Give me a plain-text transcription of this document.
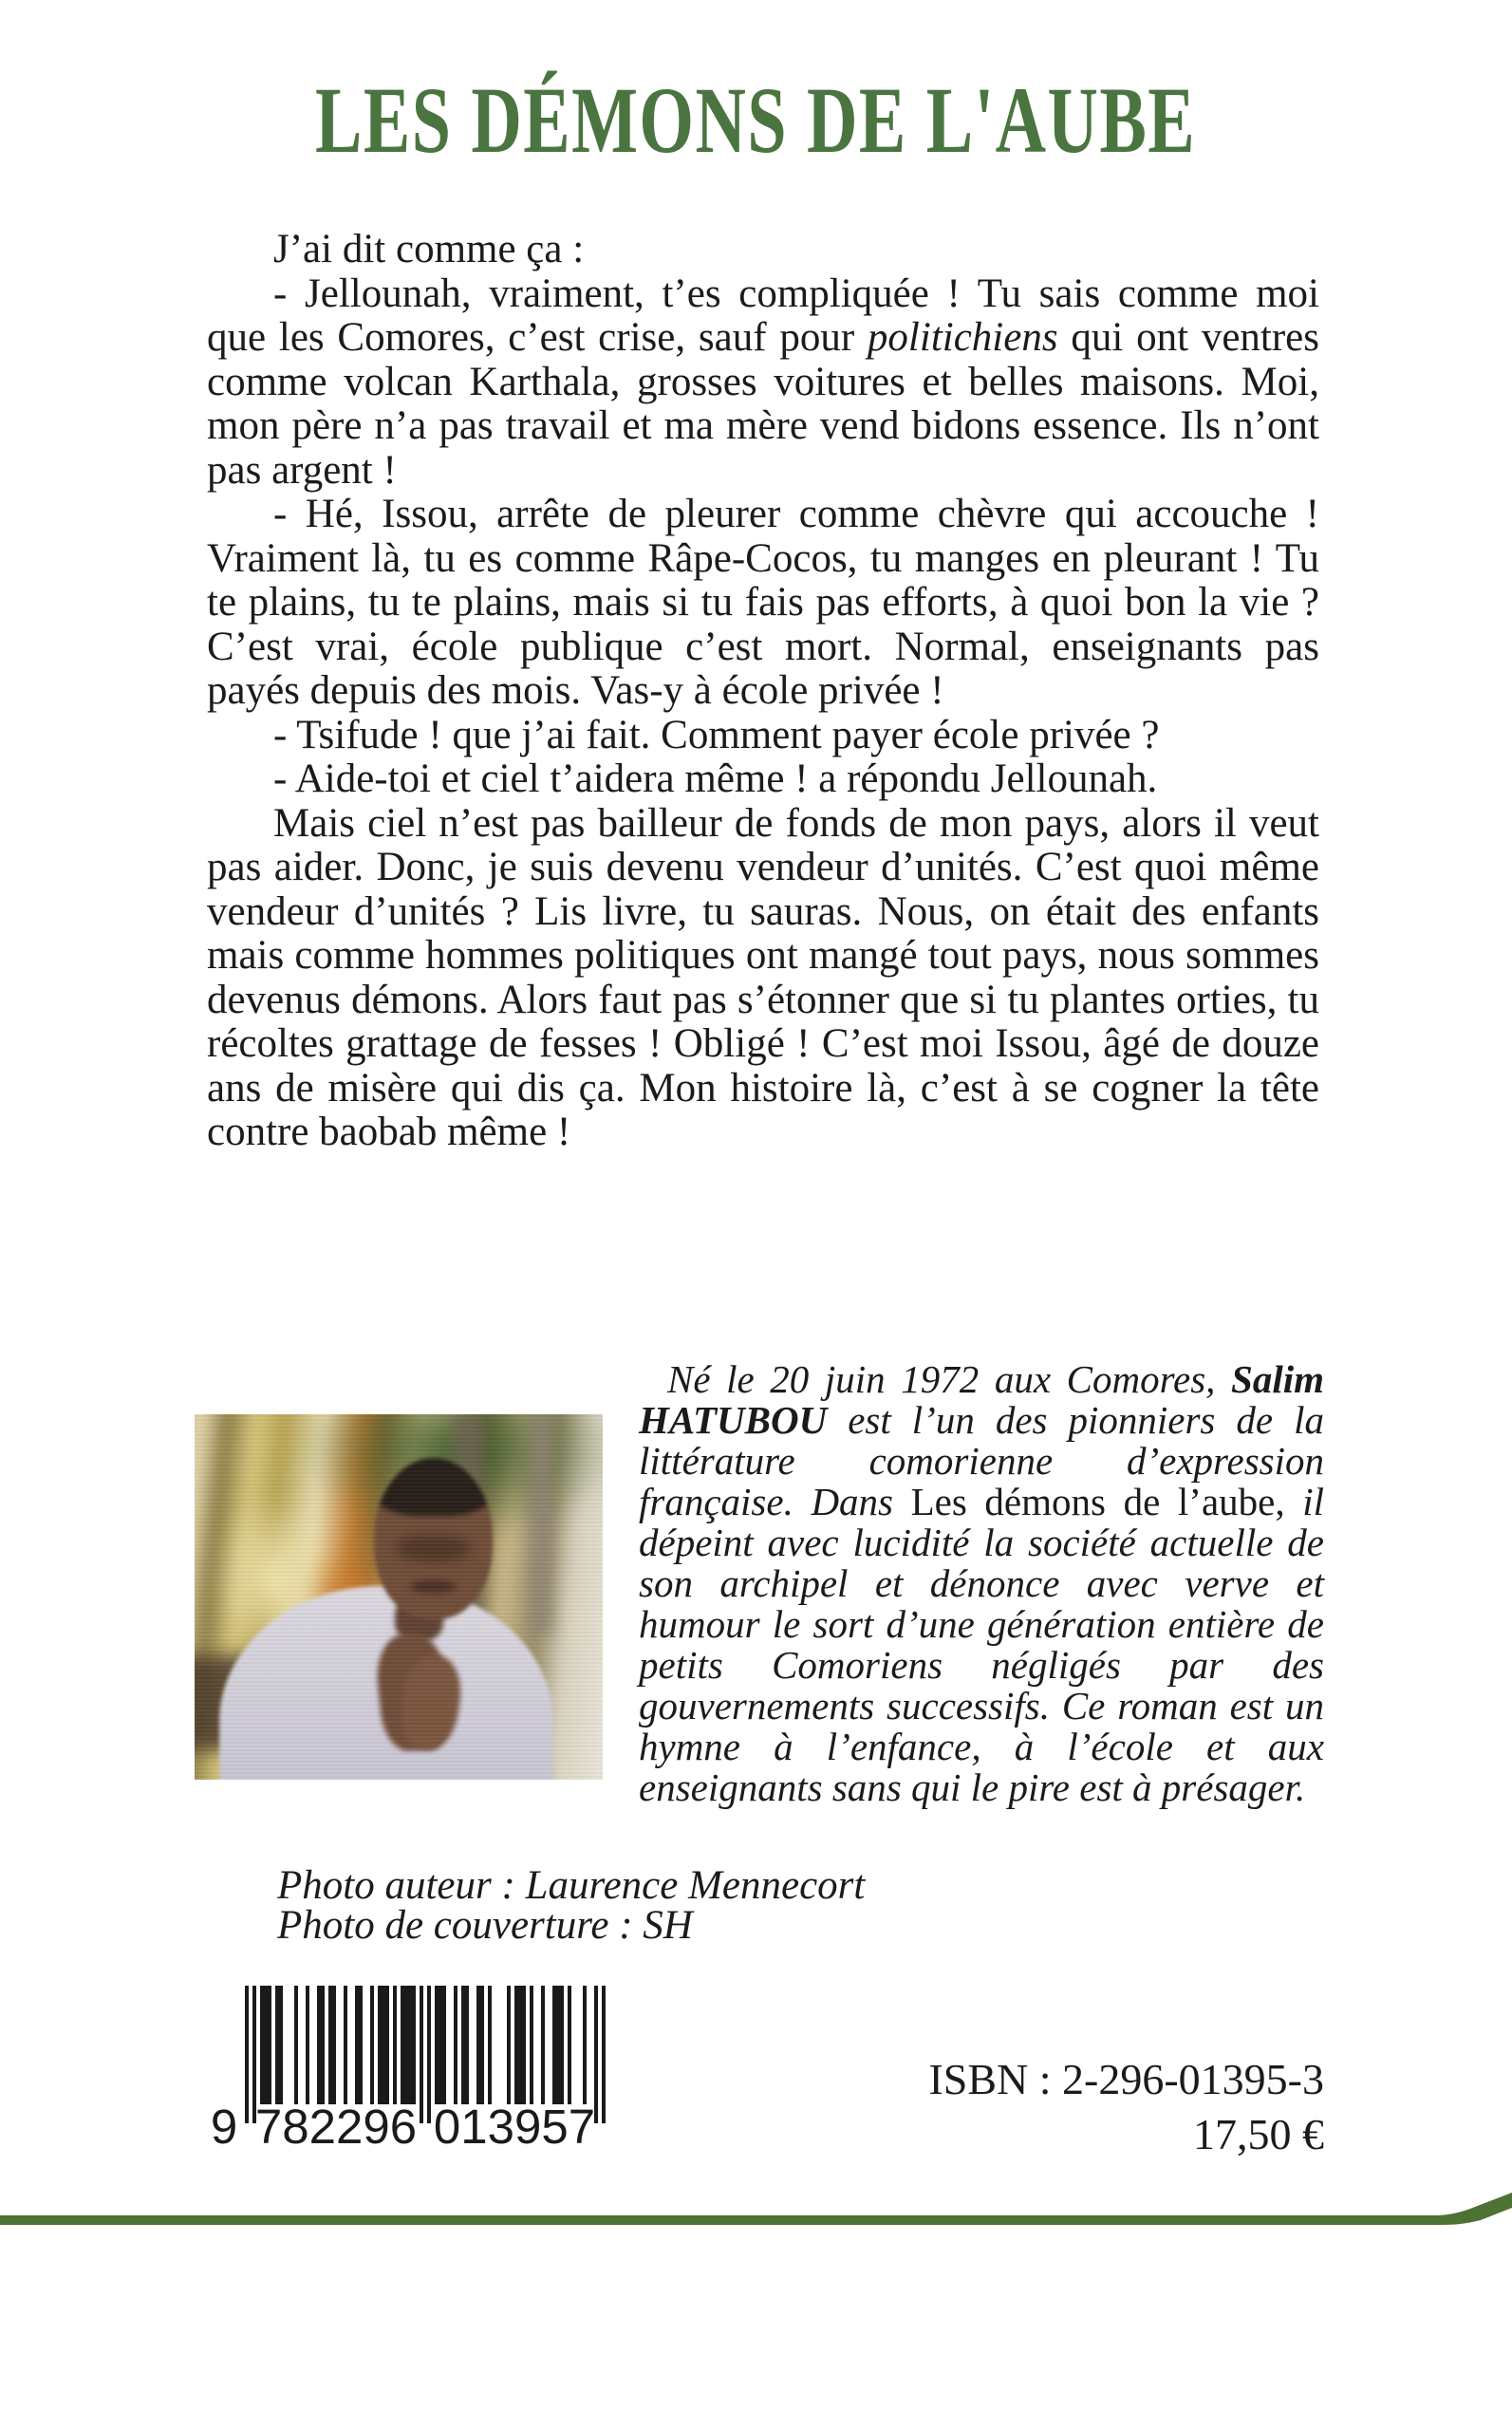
LES DÉMONS DE L'AUBE

J’ai dit comme ça :

- Jellounah, vraiment, t’es compliquée ! Tu sais comme moi que les Comores, c’est crise, sauf pour politichiens qui ont ventres comme volcan Karthala, grosses voitures et belles maisons. Moi, mon père n’a pas travail et ma mère vend bidons essence. Ils n’ont pas argent !

- Hé, Issou, arrête de pleurer comme chèvre qui accouche ! Vraiment là, tu es comme Râpe-Cocos, tu manges en pleurant ! Tu te plains, tu te plains, mais si tu fais pas efforts, à quoi bon la vie ? C’est vrai, école publique c’est mort. Normal, enseignants pas payés depuis des mois. Vas-y à école privée !

- Tsifude ! que j’ai fait. Comment payer école privée ?

- Aide-toi et ciel t’aidera même ! a répondu Jellounah.

Mais ciel n’est pas bailleur de fonds de mon pays, alors il veut pas aider. Donc, je suis devenu vendeur d’unités. C’est quoi même vendeur d’unités ? Lis livre, tu sauras. Nous, on était des enfants mais comme hommes politiques ont mangé tout pays, nous sommes devenus démons. Alors faut pas s’étonner que si tu plantes orties, tu récoltes grattage de fesses ! Obligé ! C’est moi Issou, âgé de douze ans de misère qui dis ça. Mon histoire là, c’est à se cogner la tête contre baobab même !

Né le 20 juin 1972 aux Comores, Salim HATUBOU est l’un des pionniers de la littérature comorienne d’expression française. Dans Les démons de l’aube, il dépeint avec lucidité la société actuelle de son archipel et dénonce avec verve et humour le sort d’une génération entière de petits Comoriens négligés par des gouvernements successifs. Ce roman est un hymne à l’enfance, à l’école et aux enseignants sans qui le pire est à présager.
Photo auteur : Laurence Mennecort
Photo de couverture : SH
9 782296 013957
ISBN : 2-296-01395-3
17,50 €
